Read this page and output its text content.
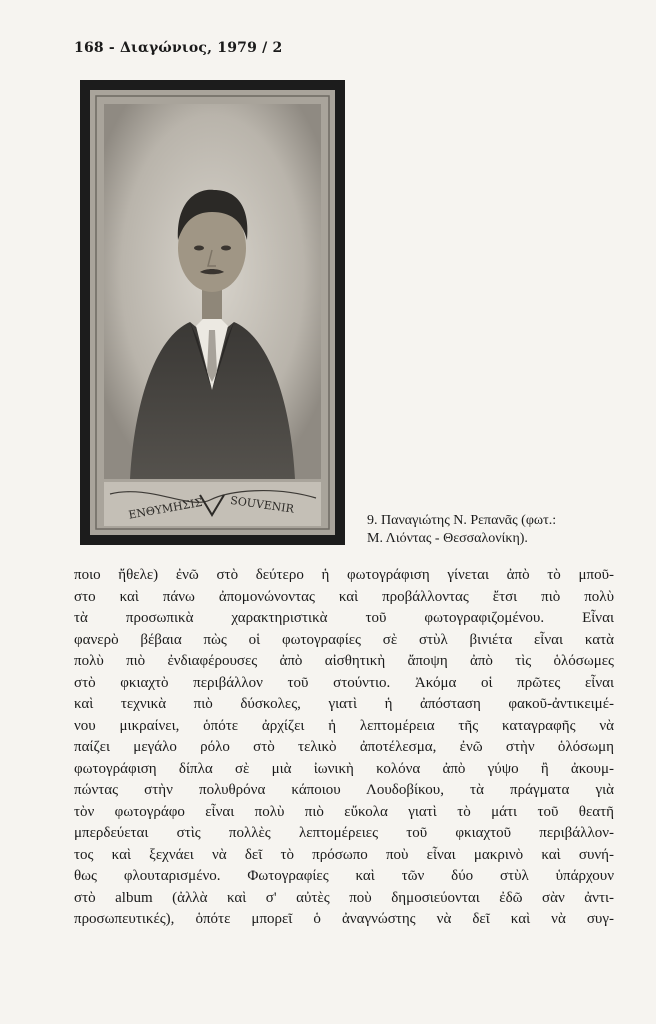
168 - Διαγώνιος, 1979 / 2
ΕΝΘΥΜΗΣΙΣ SOUVENIR
9. Παναγιώτης Ν. Ρεπανᾶς (φωτ.:
Μ. Λιόντας - Θεσσαλονίκη).
ποιο ἤθελε) ἐνῶ στὸ δεύτερο ἡ φωτογράφιση γίνεται ἀπὸ τὸ μποῦ-
στο καὶ πάνω ἀπομονώνοντας καὶ προβάλλοντας ἔτσι πιὸ πολὺ
τὰ προσωπικὰ χαρακτηριστικὰ τοῦ φωτογραφιζομένου. Εἶναι
φανερὸ βέβαια πὼς οἱ φωτογραφίες σὲ στὺλ βινιέτα εἶναι κατὰ
πολὺ πιὸ ἐνδιαφέρουσες ἀπὸ αἰσθητικὴ ἄποψη ἀπὸ τὶς ὁλόσωμες
στὸ φκιαχτὸ περιβάλλον τοῦ στούντιο. Ἀκόμα οἱ πρῶτες εἶναι
καὶ τεχνικὰ πιὸ δύσκολες, γιατὶ ἡ ἀπόσταση φακοῦ-ἀντικειμέ-
νου μικραίνει, ὁπότε ἀρχίζει ἡ λεπτομέρεια τῆς καταγραφῆς νὰ
παίζει μεγάλο ρόλο στὸ τελικὸ ἀποτέλεσμα, ἐνῶ στὴν ὁλόσωμη
φωτογράφιση δίπλα σὲ μιὰ ἰωνικὴ κολόνα ἀπὸ γύψο ἢ ἀκουμ-
πώντας στὴν πολυθρόνα κάποιου Λουδοβίκου, τὰ πράγματα γιὰ
τὸν φωτογράφο εἶναι πολὺ πιὸ εὔκολα γιατὶ τὸ μάτι τοῦ θεατῆ
μπερδεύεται στὶς πολλὲς λεπτομέρειες τοῦ φκιαχτοῦ περιβάλλον-
τος καὶ ξεχνάει νὰ δεῖ τὸ πρόσωπο ποὺ εἶναι μακρινὸ καὶ συνή-
θως φλουταρισμένο. Φωτογραφίες καὶ τῶν δύο στὺλ ὑπάρχουν
στὸ album (ἀλλὰ καὶ σ' αὐτὲς ποὺ δημοσιεύονται ἐδῶ σὰν ἀντι-
προσωπευτικές), ὁπότε μπορεῖ ὁ ἀναγνώστης νὰ δεῖ καὶ νὰ συγ-
